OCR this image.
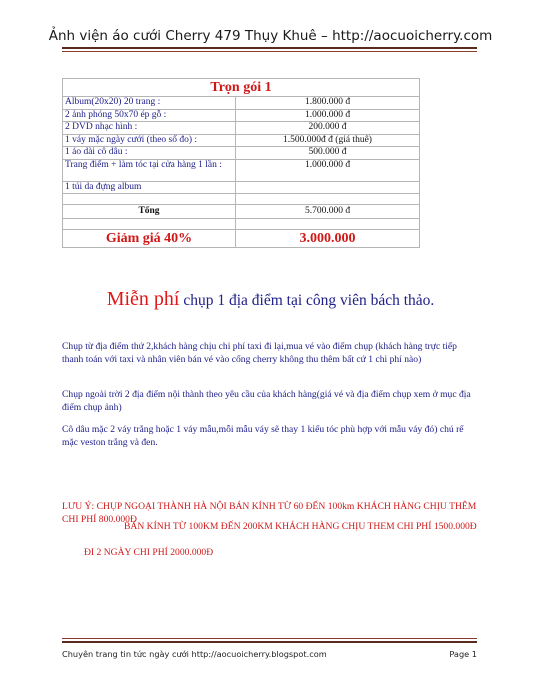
Ảnh viện áo cưới Cherry 479 Thụy Khuê – http://aocuoicherry.com
Trọn gói 1	
Album(20x20) 20 trang :	1.800.000 đ
2 ảnh phóng 50x70 ép gỗ :	1.000.000 đ
2 DVD nhạc hình :	200.000 đ
1 váy mặc ngày cưới (theo số đo) :	1.500.000đ đ (giá thuê)
1 áo dài cô dâu :	500.000 đ
Trang điểm + làm tóc tại cửa hàng 1 lần :	1.000.000 đ
1 túi da đựng album	

Tổng	5.700.000 đ

Giảm giá 40%	3.000.000
Miễn phí chụp 1 địa điểm tại công viên bách thảo.
Chụp từ địa điểm thứ 2,khách hàng chịu chi phí taxi đi lại,mua vé vào điểm chụp (khách hàng trực tiếp thanh toán với taxi và nhân viên bán vé vào cổng cherry không thu thêm bất cứ 1 chi phí nào)
Chụp ngoài trời 2 địa điểm nội thành theo yêu cầu của khách hàng(giá vé và địa điểm chụp xem ở mục địa điểm chụp ảnh)
Cô dâu mặc 2 váy trắng hoặc 1 váy mẫu,mỗi mẫu váy sẽ thay 1 kiểu tóc phù hợp với mẫu váy đó) chú rể mặc veston trắng và đen.
LƯU Ý: CHỤP NGOẠI THÀNH HÀ NỘI BÁN KÍNH TỪ 60 ĐẾN 100km KHÁCH HÀNG CHỊU THÊM CHI PHÍ 800.000Đ
BÁN KÍNH TỪ 100KM ĐẾN 200KM KHÁCH HÀNG CHỊU THEM CHI PHÍ 1500.000Đ
ĐI 2 NGÀY CHI PHÍ 2000.000Đ
Chuyên trang tin tức ngày cưới http://aocuoicherry.blogspot.com	Page 1
